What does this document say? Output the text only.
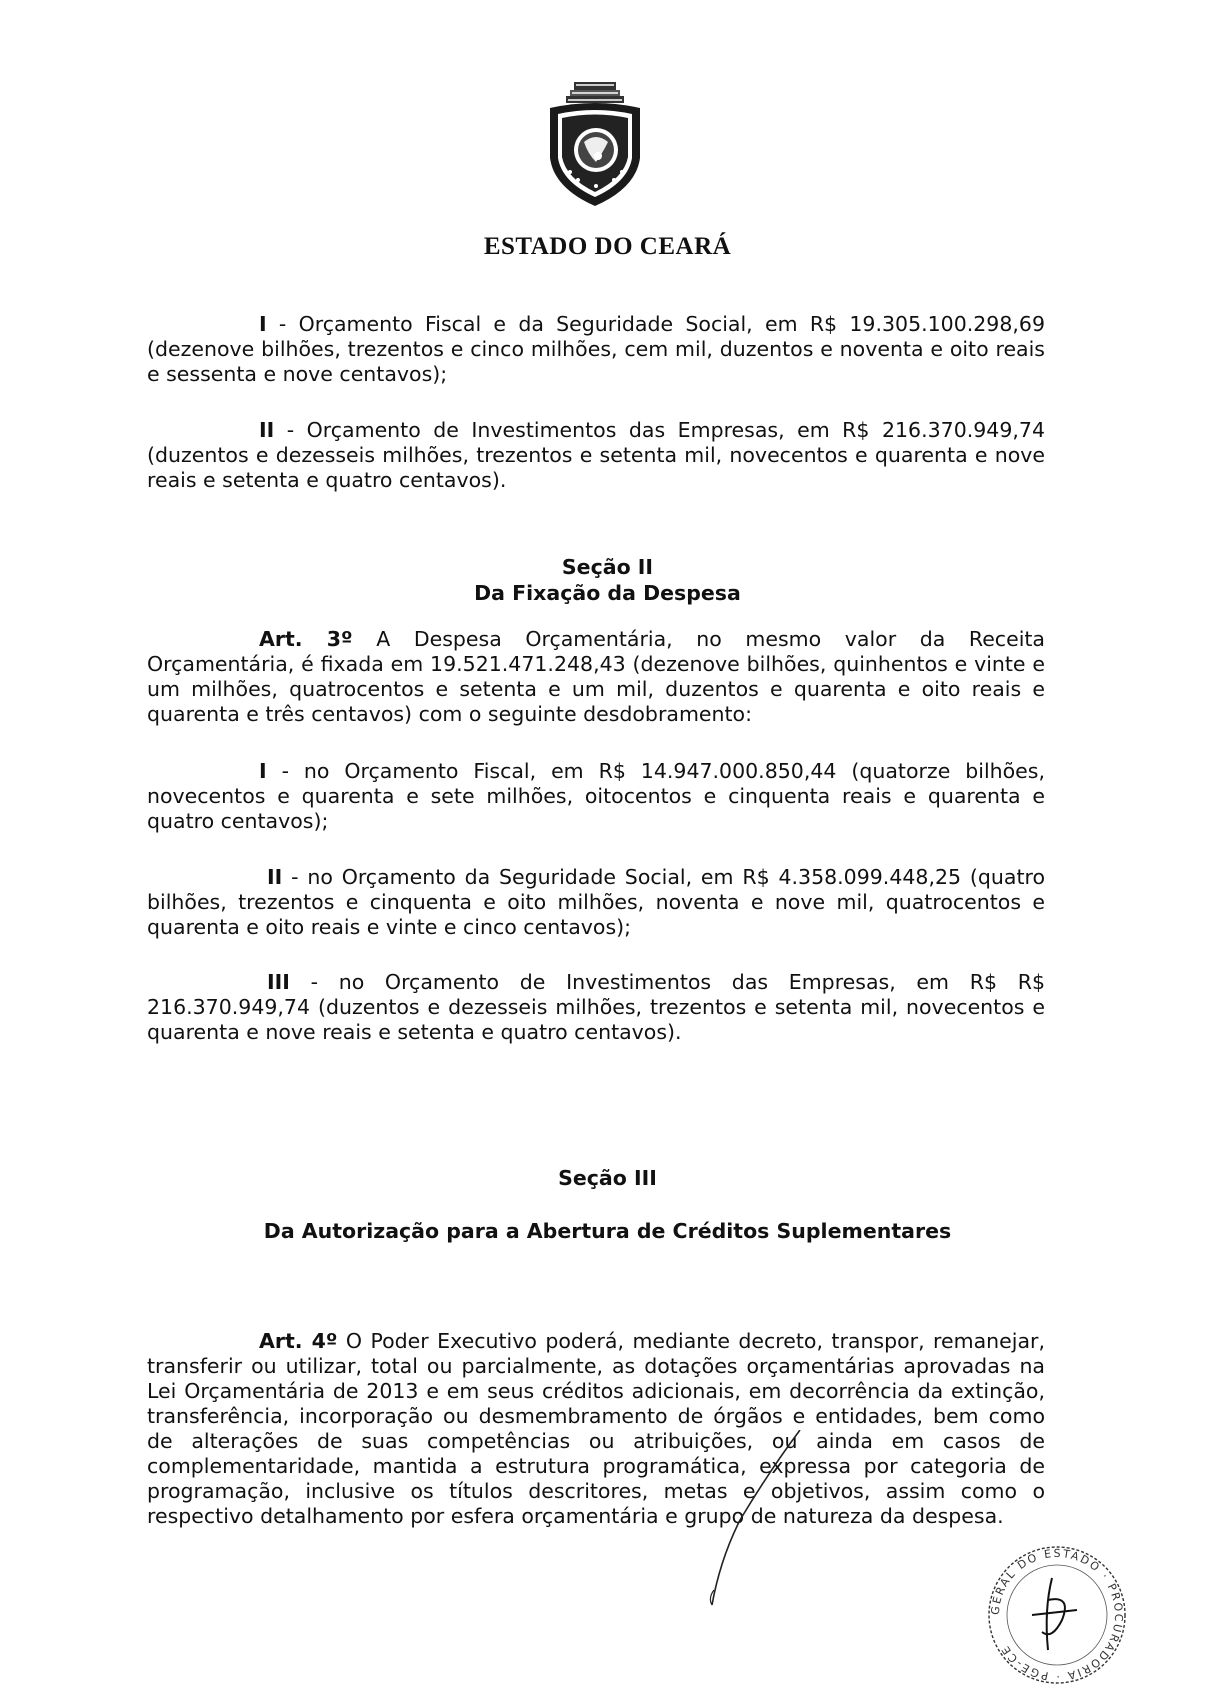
ESTADO DO CEARÁ
I - Orçamento Fiscal e da Seguridade Social, em R$ 19.305.100.298,69 (dezenove bilhões, trezentos e cinco milhões, cem mil, duzentos e noventa e oito reais e sessenta e nove centavos);
II - Orçamento de Investimentos das Empresas, em R$ 216.370.949,74 (duzentos e dezesseis milhões, trezentos e setenta mil, novecentos e quarenta e nove reais e setenta e quatro centavos).
Seção II
Da Fixação da Despesa
Art. 3º A Despesa Orçamentária, no mesmo valor da Receita Orçamentária, é fixada em 19.521.471.248,43 (dezenove bilhões, quinhentos e vinte e um milhões, quatrocentos e setenta e um mil, duzentos e quarenta e oito reais e quarenta e três centavos) com o seguinte desdobramento:
I - no Orçamento Fiscal, em R$ 14.947.000.850,44 (quatorze bilhões, novecentos e quarenta e sete milhões, oitocentos e cinquenta reais e quarenta e quatro centavos);
II - no Orçamento da Seguridade Social, em R$ 4.358.099.448,25 (quatro bilhões, trezentos e cinquenta e oito milhões, noventa e nove mil, quatrocentos e quarenta e oito reais e vinte e cinco centavos);
III - no Orçamento de Investimentos das Empresas, em R$ R$ 216.370.949,74 (duzentos e dezesseis milhões, trezentos e setenta mil, novecentos e quarenta e nove reais e setenta e quatro centavos).
Seção III
Da Autorização para a Abertura de Créditos Suplementares
Art. 4º O Poder Executivo poderá, mediante decreto, transpor, remanejar, transferir ou utilizar, total ou parcialmente, as dotações orçamentárias aprovadas na Lei Orçamentária de 2013 e em seus créditos adicionais, em decorrência da extinção, transferência, incorporação ou desmembramento de órgãos e entidades, bem como de alterações de suas competências ou atribuições, ou ainda em casos de complementaridade, mantida a estrutura programática, expressa por categoria de programação, inclusive os títulos descritores, metas e objetivos, assim como o respectivo detalhamento por esfera orçamentária e grupo de natureza da despesa.
GERAL DO ESTADO · PROCURADORIA · PGE-CE
